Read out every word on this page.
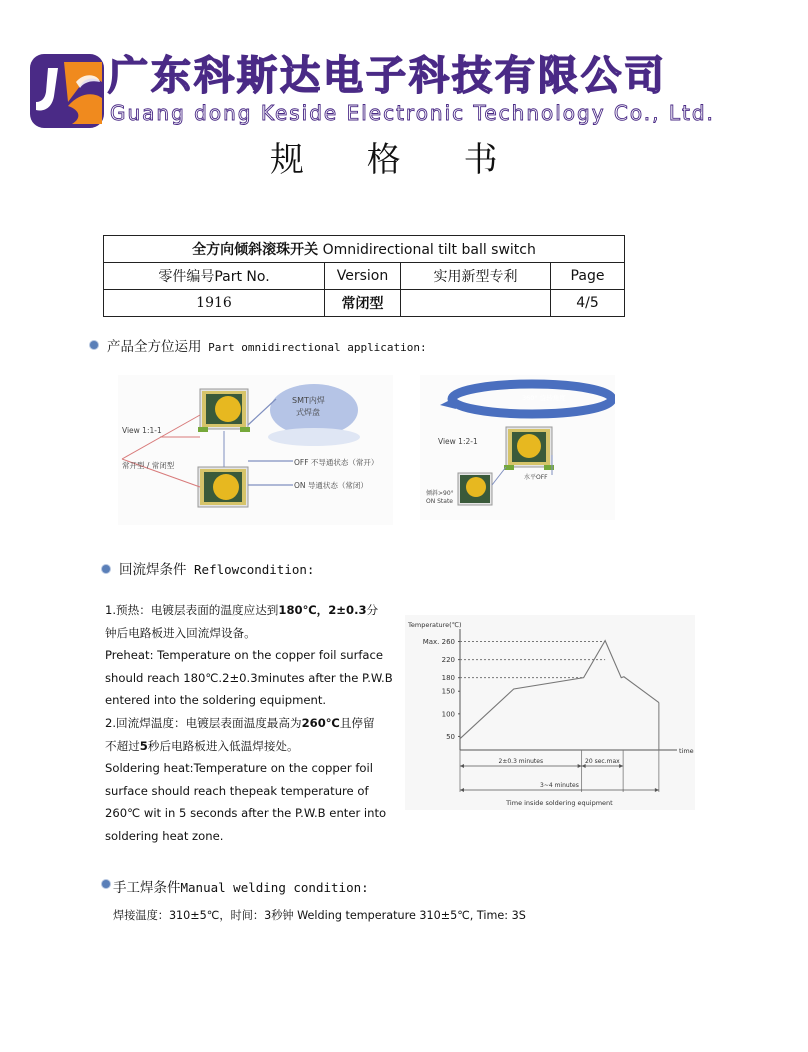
广东科斯达电子科技有限公司
Guang dong Keside Electronic Technology Co., Ltd.
规 格 书
全方向倾斜滚珠开关 Omnidirectional tilt ball switch			
零件编号Part No.	Version	实用新型专利	Page
1916	常闭型		4/5
产品全方位运用 Part omnidirectional application:
SMT内焊
式焊盘
View 1:1-1
常开型 / 常闭型	OFF 不导通状态（常开）
ON 导通状态（常闭）
360° 旋转角度
View 1:2-1
水平OFF
倾斜>90°
ON State
回流焊条件 Reflowcondition:
1.预热：电镀层表面的温度应达到180℃，2±0.3分
钟后电路板进入回流焊设备。
Preheat: Temperature on the copper foil surface
should reach 180℃.2±0.3minutes after the P.W.B
entered into the soldering equipment.
2.回流焊温度：电镀层表面温度最高为260℃且停留
不超过5秒后电路板进入低温焊接处。
Soldering heat:Temperature on the copper foil
surface should reach thepeak temperature of
260℃ wit in 5 seconds after the P.W.B enter into
soldering heat zone.
Temperature(℃)
time
Max. 260
220
180
150
100
50
2±0.3 minutes	20 sec.max
3~4 minutes
Time inside soldering equipment
手工焊条件Manual welding condition:
焊接温度：310±5℃，时间：3秒钟 Welding temperature 310±5℃, Time: 3S
